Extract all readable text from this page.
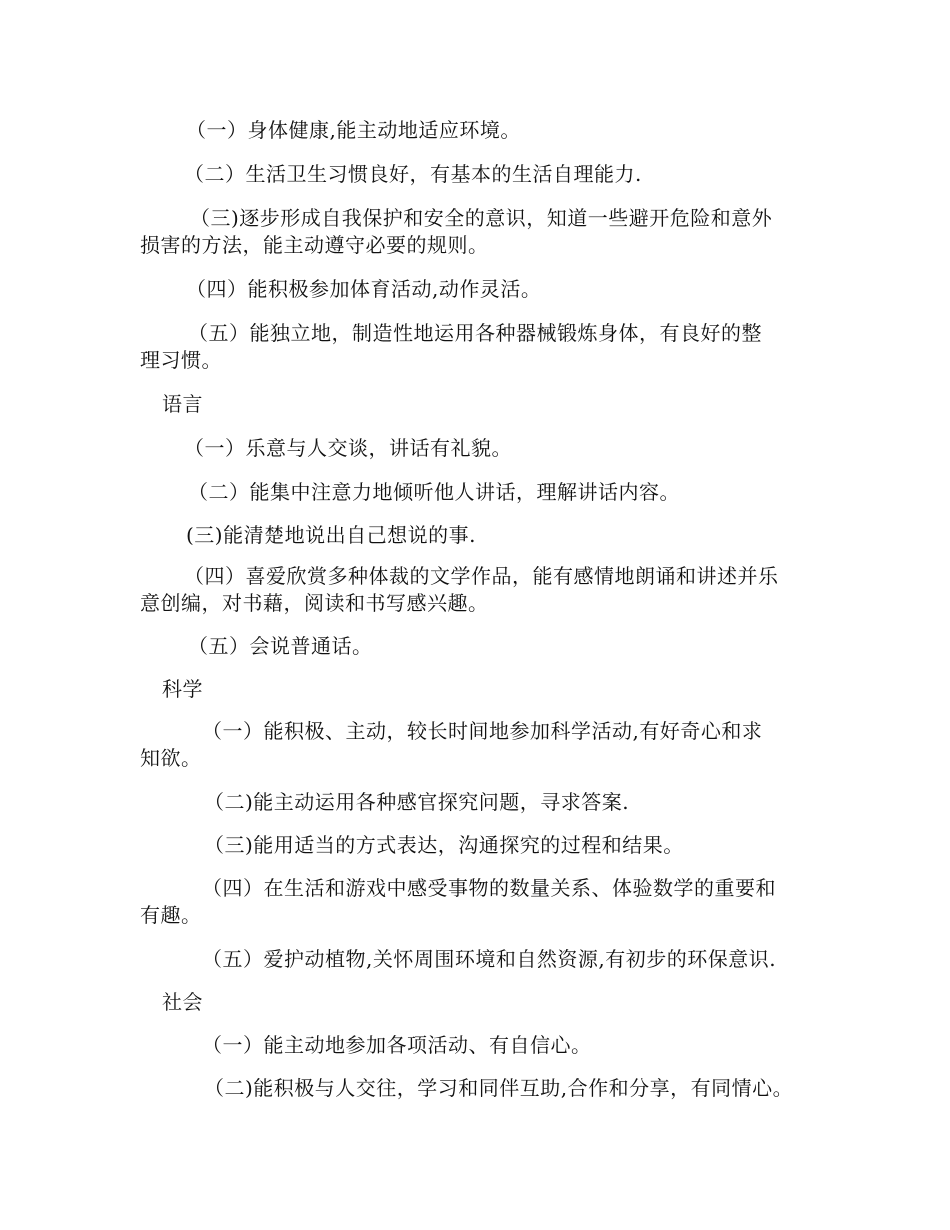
（一）身体健康,能主动地适应环境。
（二）生活卫生习惯良好，有基本的生活自理能力.
（三)逐步形成自我保护和安全的意识，知道一些避开危险和意外
损害的方法，能主动遵守必要的规则。
（四）能积极参加体育活动,动作灵活。
（五）能独立地，制造性地运用各种器械锻炼身体，有良好的整
理习惯。
语言
（一）乐意与人交谈，讲话有礼貌。
（二）能集中注意力地倾听他人讲话，理解讲话内容。
(三)能清楚地说出自己想说的事.
（四）喜爱欣赏多种体裁的文学作品，能有感情地朗诵和讲述并乐
意创编，对书藉，阅读和书写感兴趣。
（五）会说普通话。
科学
（一）能积极、主动，较长时间地参加科学活动,有好奇心和求
知欲。
（二)能主动运用各种感官探究问题，寻求答案.
（三)能用适当的方式表达，沟通探究的过程和结果。
（四）在生活和游戏中感受事物的数量关系、体验数学的重要和
有趣。
（五）爱护动植物,关怀周围环境和自然资源,有初步的环保意识.
社会
（一）能主动地参加各项活动、有自信心。
（二)能积极与人交往，学习和同伴互助,合作和分享，有同情心。
